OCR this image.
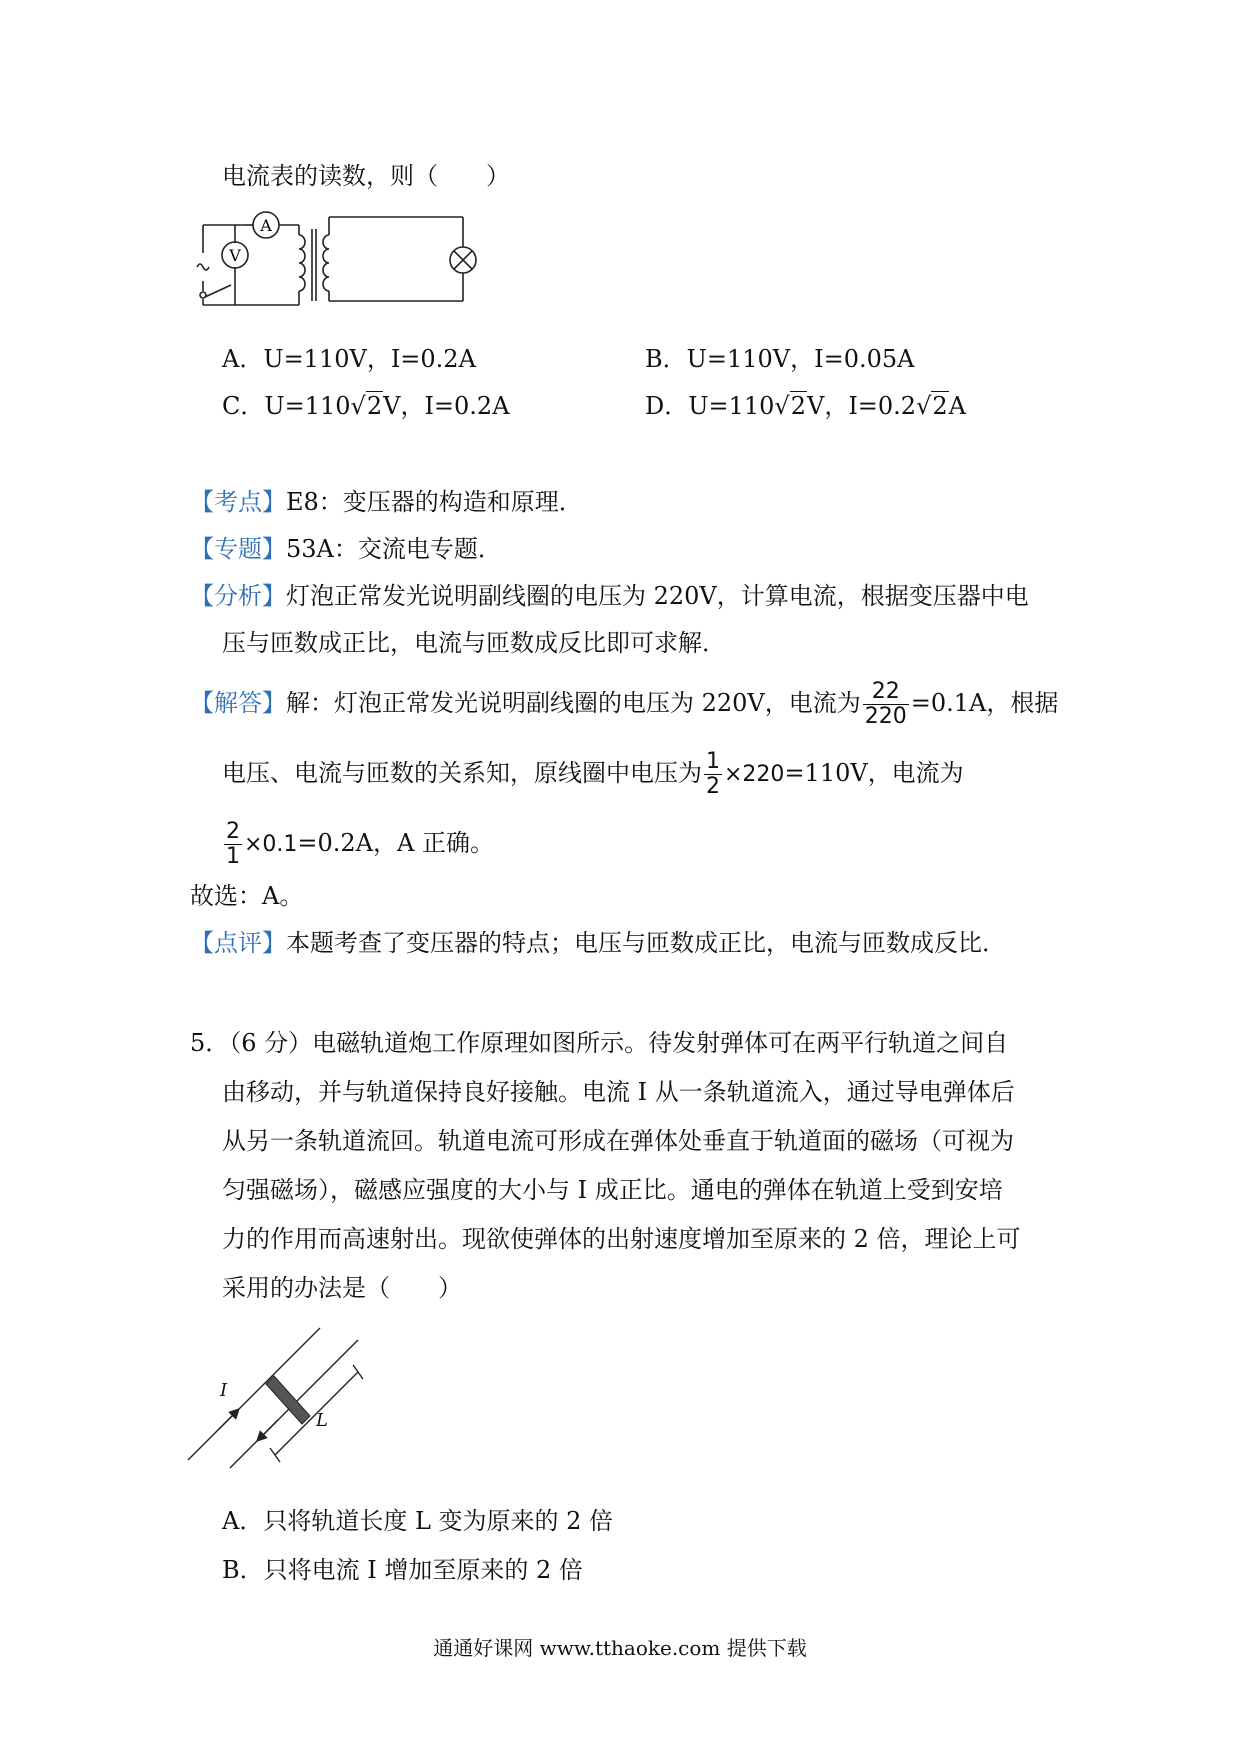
电流表的读数，则（　　）
A
V
A．U=110V，I=0.2A	B．U=110V，I=0.05A
C．U=110√2V，I=0.2A	D．U=110√2V，I=0.2√2A
【考点】E8：变压器的构造和原理．
【专题】53A：交流电专题．
【分析】灯泡正常发光说明副线圈的电压为 220V，计算电流，根据变压器中电
压与匝数成正比，电流与匝数成反比即可求解．
【解答】解：灯泡正常发光说明副线圈的电压为 220V，电流为 $\frac{22}{220} =0.1A$，根据
电压、电流与匝数的关系知，原线圈中电压为 $\frac{1}{2} \times 220=110V$，电流为
$\frac{2}{1} \times 0.1=0.2A$，A 正确。
故选：A。
【点评】本题考查了变压器的特点；电压与匝数成正比，电流与匝数成反比．
5．（6 分）电磁轨道炮工作原理如图所示。待发射弹体可在两平行轨道之间自
由移动，并与轨道保持良好接触。电流 I 从一条轨道流入，通过导电弹体后
从另一条轨道流回。轨道电流可形成在弹体处垂直于轨道面的磁场（可视为
匀强磁场），磁感应强度的大小与 I 成正比。通电的弹体在轨道上受到安培
力的作用而高速射出。现欲使弹体的出射速度增加至原来的 2 倍，理论上可
采用的办法是（　　）
I
L
A．只将轨道长度 L 变为原来的 2 倍
B．只将电流 I 增加至原来的 2 倍
通通好课网 www.tthaoke.com 提供下载
